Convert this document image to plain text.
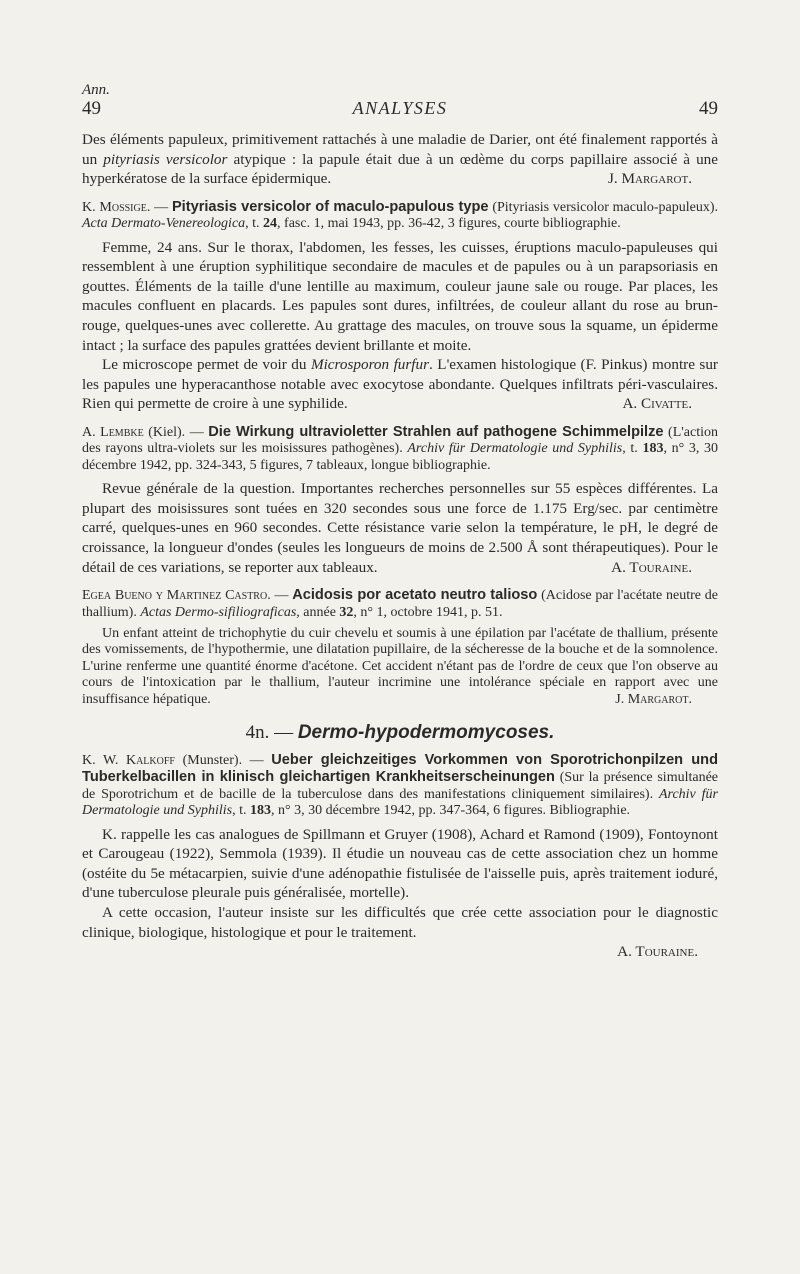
Ann.
49	ANALYSES	49

Des éléments papuleux, primitivement rattachés à une maladie de Darier, ont été finalement rapportés à un pityriasis versicolor atypique : la papule était due à un œdème du corps papillaire associé à une hyperkératose de la surface épidermique.	J. Margarot.

K. Mossige. — Pityriasis versicolor of maculo-papulous type (Pityriasis versicolor maculo-papuleux). Acta Dermato-Venereologica, t. 24, fasc. 1, mai 1943, pp. 36-42, 3 figures, courte bibliographie.

Femme, 24 ans. Sur le thorax, l'abdomen, les fesses, les cuisses, éruptions maculo-papuleuses qui ressemblent à une éruption syphilitique secondaire de macules et de papules ou à un parapsoriasis en gouttes. Éléments de la taille d'une lentille au maximum, couleur jaune sale ou rouge. Par places, les macules confluent en placards. Les papules sont dures, infiltrées, de couleur allant du rose au brun-rouge, quelques-unes avec collerette. Au grattage des macules, on trouve sous la squame, un épiderme intact ; la surface des papules grattées devient brillante et moite.

Le microscope permet de voir du Microsporon furfur. L'examen histologique (F. Pinkus) montre sur les papules une hyperacanthose notable avec exocytose abondante. Quelques infiltrats péri-vasculaires. Rien qui permette de croire à une syphilide.	A. Civatte.

A. Lembke (Kiel). — Die Wirkung ultravioletter Strahlen auf pathogene Schimmelpilze (L'action des rayons ultra-violets sur les moisissures pathogènes). Archiv für Dermatologie und Syphilis, t. 183, n° 3, 30 décembre 1942, pp. 324-343, 5 figures, 7 tableaux, longue bibliographie.

Revue générale de la question. Importantes recherches personnelles sur 55 espèces différentes. La plupart des moisissures sont tuées en 320 secondes sous une force de 1.175 Erg/sec. par centimètre carré, quelques-unes en 960 secondes. Cette résistance varie selon la température, le pH, le degré de croissance, la longueur d'ondes (seules les longueurs de moins de 2.500 Å sont thérapeutiques). Pour le détail de ces variations, se reporter aux tableaux.	A. Touraine.

Egea Bueno y Martinez Castro. — Acidosis por acetato neutro talioso (Acidose par l'acétate neutre de thallium). Actas Dermo-sifiliograficas, année 32, n° 1, octobre 1941, p. 51.

Un enfant atteint de trichophytie du cuir chevelu et soumis à une épilation par l'acétate de thallium, présente des vomissements, de l'hypothermie, une dilatation pupillaire, de la sécheresse de la bouche et de la somnolence. L'urine renferme une quantité énorme d'acétone. Cet accident n'étant pas de l'ordre de ceux que l'on observe au cours de l'intoxication par le thallium, l'auteur incrimine une intolérance spéciale en rapport avec une insuffisance hépatique.	J. Margarot.

4n. — Dermo-hypodermomycoses.

K. W. Kalkoff (Munster). — Ueber gleichzeitiges Vorkommen von Sporotrichonpilzen und Tuberkelbacillen in klinisch gleichartigen Krankheitserscheinungen (Sur la présence simultanée de Sporotrichum et de bacille de la tuberculose dans des manifestations cliniquement similaires). Archiv für Dermatologie und Syphilis, t. 183, n° 3, 30 décembre 1942, pp. 347-364, 6 figures. Bibliographie.

K. rappelle les cas analogues de Spillmann et Gruyer (1908), Achard et Ramond (1909), Fontoynont et Carougeau (1922), Semmola (1939). Il étudie un nouveau cas de cette association chez un homme (ostéite du 5e métacarpien, suivie d'une adénopathie fistulisée de l'aisselle puis, après traitement ioduré, d'une tuberculose pleurale puis généralisée, mortelle).

A cette occasion, l'auteur insiste sur les difficultés que crée cette association pour le diagnostic clinique, biologique, histologique et pour le traitement.

A. Touraine.
